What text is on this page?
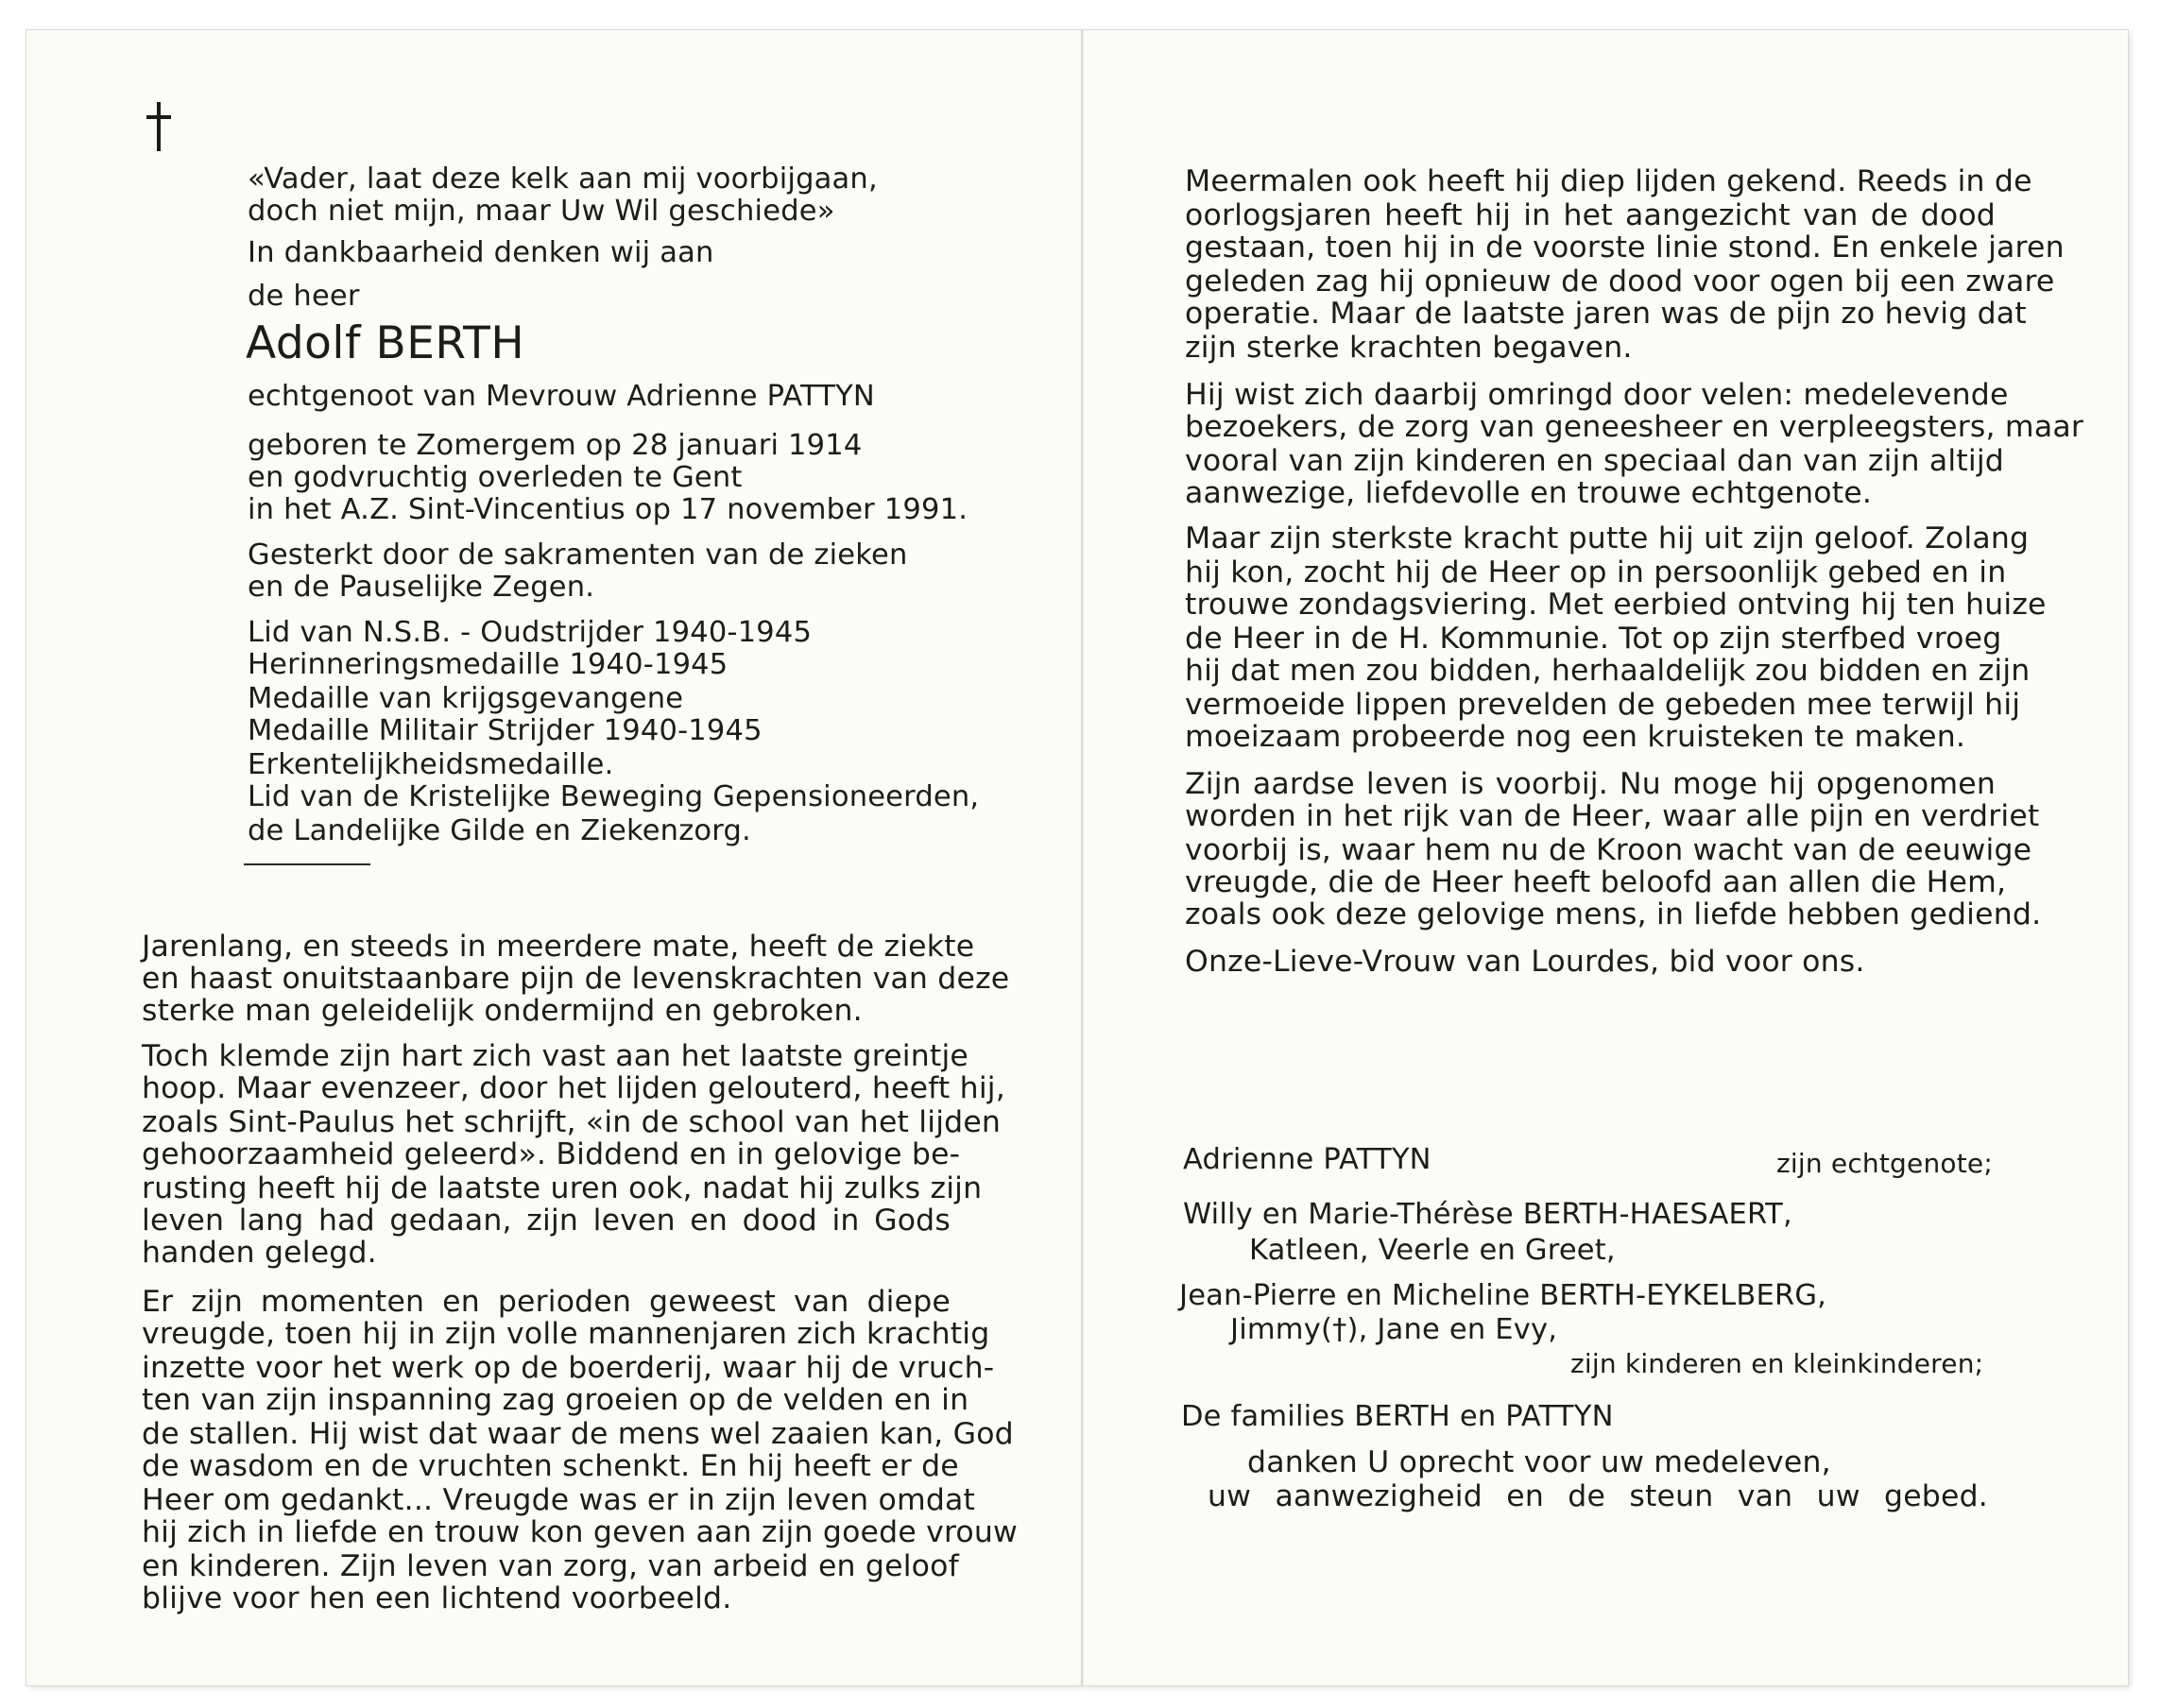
«Vader, laat deze kelk aan mij voorbijgaan,
doch niet mijn, maar Uw Wil geschiede»
In dankbaarheid denken wij aan
de heer
Adolf BERTH
echtgenoot van Mevrouw Adrienne PATTYN
geboren te Zomergem op 28 januari 1914
en godvruchtig overleden te Gent
in het A.Z. Sint-Vincentius op 17 november 1991.
Gesterkt door de sakramenten van de zieken
en de Pauselijke Zegen.
Lid van N.S.B. - Oudstrijder 1940-1945
Herinneringsmedaille 1940-1945
Medaille van krijgsgevangene
Medaille Militair Strijder 1940-1945
Erkentelijkheidsmedaille.
Lid van de Kristelijke Beweging Gepensioneerden,
de Landelijke Gilde en Ziekenzorg.
Jarenlang, en steeds in meerdere mate, heeft de ziekte
en haast onuitstaanbare pijn de levenskrachten van deze
sterke man geleidelijk ondermijnd en gebroken.
Toch klemde zijn hart zich vast aan het laatste greintje
hoop. Maar evenzeer, door het lijden gelouterd, heeft hij,
zoals Sint-Paulus het schrijft, «in de school van het lijden
gehoorzaamheid geleerd». Biddend en in gelovige be-
rusting heeft hij de laatste uren ook, nadat hij zulks zijn
leven lang had gedaan, zijn leven en dood in Gods
handen gelegd.
Er zijn momenten en perioden geweest van diepe
vreugde, toen hij in zijn volle mannenjaren zich krachtig
inzette voor het werk op de boerderij, waar hij de vruch-
ten van zijn inspanning zag groeien op de velden en in
de stallen. Hij wist dat waar de mens wel zaaien kan, God
de wasdom en de vruchten schenkt. En hij heeft er de
Heer om gedankt... Vreugde was er in zijn leven omdat
hij zich in liefde en trouw kon geven aan zijn goede vrouw
en kinderen. Zijn leven van zorg, van arbeid en geloof
blijve voor hen een lichtend voorbeeld.
Meermalen ook heeft hij diep lijden gekend. Reeds in de
oorlogsjaren heeft hij in het aangezicht van de dood
gestaan, toen hij in de voorste linie stond. En enkele jaren
geleden zag hij opnieuw de dood voor ogen bij een zware
operatie. Maar de laatste jaren was de pijn zo hevig dat
zijn sterke krachten begaven.
Hij wist zich daarbij omringd door velen: medelevende
bezoekers, de zorg van geneesheer en verpleegsters, maar
vooral van zijn kinderen en speciaal dan van zijn altijd
aanwezige, liefdevolle en trouwe echtgenote.
Maar zijn sterkste kracht putte hij uit zijn geloof. Zolang
hij kon, zocht hij de Heer op in persoonlijk gebed en in
trouwe zondagsviering. Met eerbied ontving hij ten huize
de Heer in de H. Kommunie. Tot op zijn sterfbed vroeg
hij dat men zou bidden, herhaaldelijk zou bidden en zijn
vermoeide lippen prevelden de gebeden mee terwijl hij
moeizaam probeerde nog een kruisteken te maken.
Zijn aardse leven is voorbij. Nu moge hij opgenomen
worden in het rijk van de Heer, waar alle pijn en verdriet
voorbij is, waar hem nu de Kroon wacht van de eeuwige
vreugde, die de Heer heeft beloofd aan allen die Hem,
zoals ook deze gelovige mens, in liefde hebben gediend.
Onze-Lieve-Vrouw van Lourdes, bid voor ons.
Adrienne PATTYN	zijn echtgenote;
Willy en Marie-Thérèse BERTH-HAESAERT,
Katleen, Veerle en Greet,
Jean-Pierre en Micheline BERTH-EYKELBERG,
Jimmy(†), Jane en Evy,
zijn kinderen en kleinkinderen;
De families BERTH en PATTYN
danken U oprecht voor uw medeleven,
uw aanwezigheid en de steun van uw gebed.
